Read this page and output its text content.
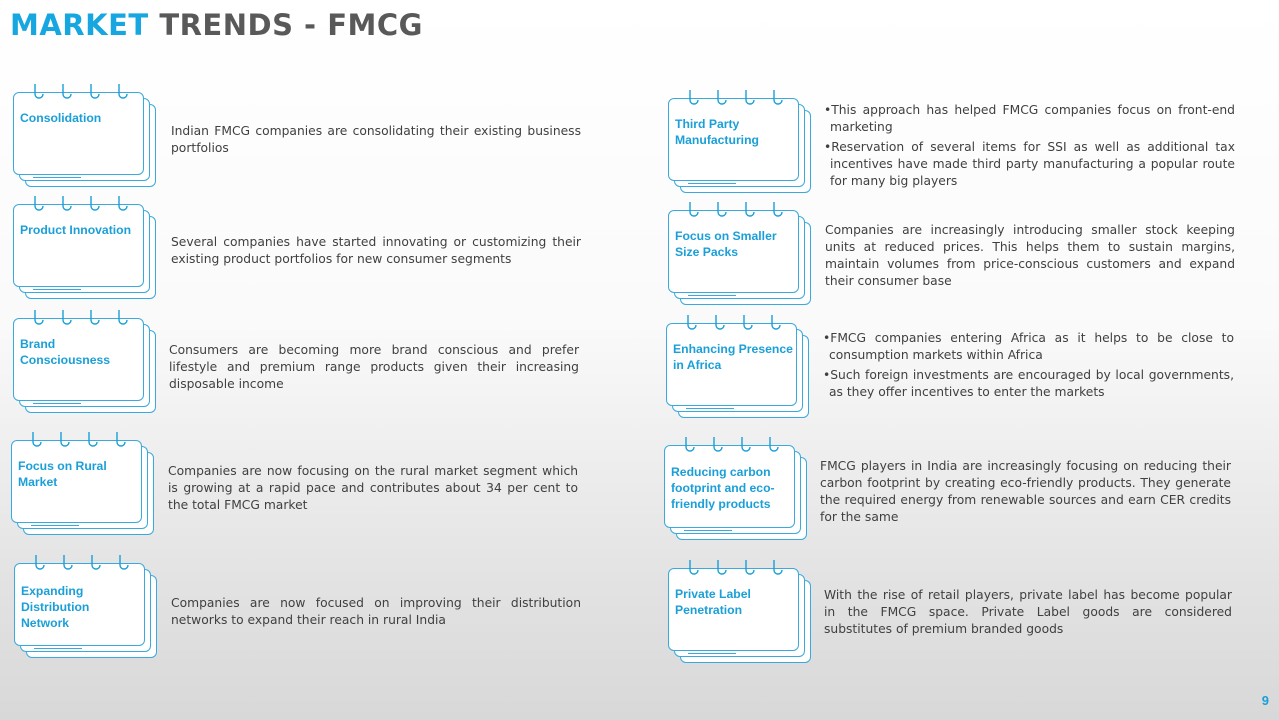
MARKET TRENDS - FMCG
Consolidation
Indian FMCG companies are consolidating their existing business portfolios
Product Innovation
Several companies have started innovating or customizing their existing product portfolios for new consumer segments
Brand Consciousness
Consumers are becoming more brand conscious and prefer lifestyle and premium range products given their increasing disposable income
Focus on Rural Market
Companies are now focusing on the rural market segment which is growing at a rapid pace and contributes about 34 per cent to the total FMCG market
Expanding Distribution Network
Companies are now focused on improving their distribution networks to expand their reach in rural India
Third Party Manufacturing

•This approach has helped FMCG companies focus on front-end marketing

•Reservation of several items for SSI as well as additional tax incentives have made third party manufacturing a popular route for many big players

Focus on Smaller Size Packs
Companies are increasingly introducing smaller stock keeping units at reduced prices. This helps them to sustain margins, maintain volumes from price-conscious customers and expand their consumer base
Enhancing Presence in Africa

•FMCG companies entering Africa as it helps to be close to consumption markets within Africa

•Such foreign investments are encouraged by local governments, as they offer incentives to enter the markets

Reducing carbon footprint and eco-friendly products
FMCG players in India are increasingly focusing on reducing their carbon footprint by creating eco-friendly products. They generate the required energy from renewable sources and earn CER credits for the same
Private Label Penetration
With the rise of retail players, private label has become popular in the FMCG space. Private Label goods are considered substitutes of premium branded goods
9
